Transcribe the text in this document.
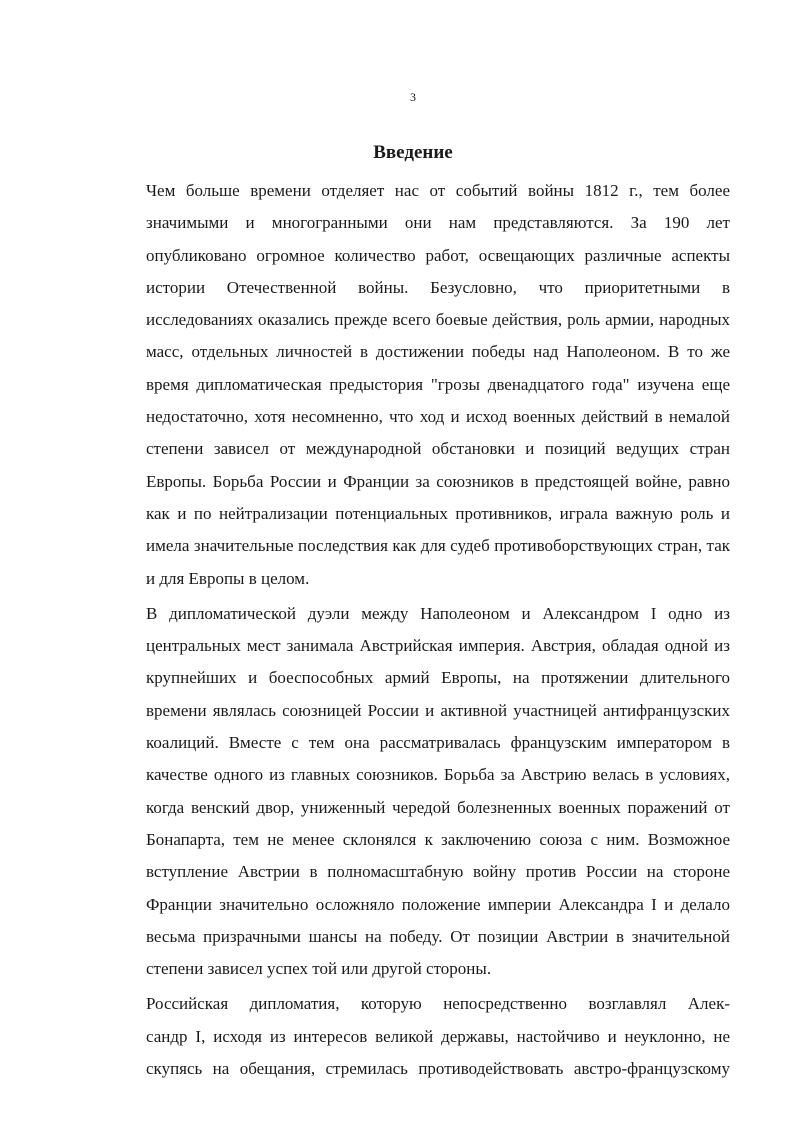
3
Введение

Чем больше времени отделяет нас от событий войны 1812 г., тем более
значимыми и многогранными они нам представляются. За 190 лет
опубликовано огромное количество работ, освещающих различные аспекты
истории Отечественной войны. Безусловно, что приоритетными в
исследованиях оказались прежде всего боевые действия, роль армии, народных
масс, отдельных личностей в достижении победы над Наполеоном. В то же
время дипломатическая предыстория "грозы двенадцатого года" изучена еще
недостаточно, хотя несомненно, что ход и исход военных действий в немалой
степени зависел от международной обстановки и позиций ведущих стран
Европы. Борьба России и Франции за союзников в предстоящей войне, равно
как и по нейтрализации потенциальных противников, играла важную роль и
имела значительные последствия как для судеб противоборствующих стран, так
и для Европы в целом.

В дипломатической дуэли между Наполеоном и Александром I одно из
центральных мест занимала Австрийская империя. Австрия, обладая одной из
крупнейших и боеспособных армий Европы, на протяжении длительного
времени являлась союзницей России и активной участницей антифранцузских
коалиций. Вместе с тем она рассматривалась французским императором в
качестве одного из главных союзников. Борьба за Австрию велась в условиях,
когда венский двор, униженный чередой болезненных военных поражений от
Бонапарта, тем не менее склонялся к заключению союза с ним. Возможное
вступление Австрии в полномасштабную войну против России на стороне
Франции значительно осложняло положение империи Александра I и делало
весьма призрачными шансы на победу. От позиции Австрии в значительной
степени зависел успех той или другой стороны.

Российская дипломатия, которую непосредственно возглавлял Алек-
сандр I, исходя из интересов великой державы, настойчиво и неуклонно, не
скупясь на обещания, стремилась противодействовать австро-французскому
